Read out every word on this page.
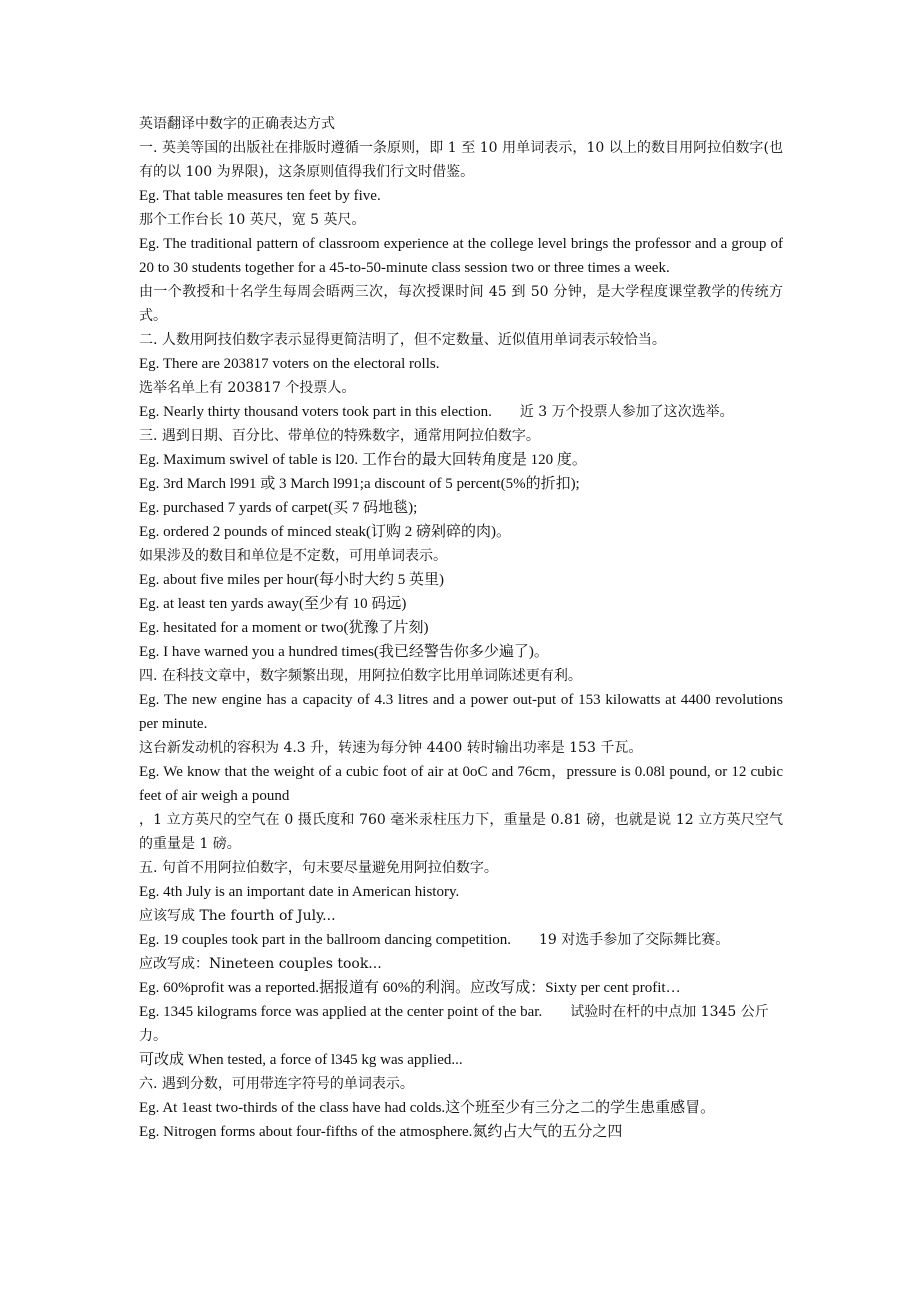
英语翻译中数字的正确表达方式
一. 英美等国的出版社在排版时遵循一条原则，即 1 至 10 用单词表示，10 以上的数目用阿拉伯数字(也有的以 100 为界限)，这条原则值得我们行文时借鉴。
Eg. That table measures ten feet by five.
那个工作台长 10 英尺，宽 5 英尺。
Eg. The traditional pattern of classroom experience at the college level brings the professor and a group of 20 to 30 students together for a 45-to-50-minute class session two or three times a week.
由一个教授和十名学生每周会晤两三次，每次授课时间 45 到 50 分钟，是大学程度课堂教学的传统方式。
二. 人数用阿技伯数字表示显得更简洁明了，但不定数量、近似值用单词表示较恰当。
Eg. There are 203817 voters on the electoral rolls.
选举名单上有 203817 个投票人。
Eg. Nearly thirty thousand voters took part in this election. 近 3 万个投票人参加了这次选举。
三. 遇到日期、百分比、带单位的特殊数字，通常用阿拉伯数字。
Eg. Maximum swivel of table is l20. 工作台的最大回转角度是 120 度。
Eg. 3rd March l991 或 3 March l991;a discount of 5 percent(5%的折扣);
Eg. purchased 7 yards of carpet(买 7 码地毯);
Eg. ordered 2 pounds of minced steak(订购 2 磅剁碎的肉)。
如果涉及的数目和单位是不定数，可用单词表示。
Eg. about five miles per hour(每小时大约 5 英里)
Eg. at least ten yards away(至少有 10 码远)
Eg. hesitated for a moment or two(犹豫了片刻)
Eg. I have warned you a hundred times(我已经警告你多少遍了)。
四. 在科技文章中，数字频繁出现，用阿拉伯数字比用单词陈述更有利。
Eg. The new engine has a capacity of 4.3 litres and a power out-put of 153 kilowatts at 4400 revolutions per minute.
这台新发动机的容积为 4.3 升，转速为每分钟 4400 转时输出功率是 153 千瓦。
Eg. We know that the weight of a cubic foot of air at 0oC and 76cm，pressure is 0.08l pound, or 12 cubic feet of air weigh a pound
，1 立方英尺的空气在 0 摄氏度和 760 毫米汞柱压力下，重量是 0.81 磅，也就是说 12 立方英尺空气的重量是 1 磅。
五. 句首不用阿拉伯数字，句末要尽量避免用阿拉伯数字。
Eg. 4th July is an important date in American history.
应该写成 The fourth of July...
Eg. 19 couples took part in the ballroom dancing competition. 19 对选手参加了交际舞比赛。
应改写成：Nineteen couples took...
Eg. 60%profit was a reported.据报道有 60%的利润。应改写成：Sixty per cent profit…
Eg. 1345 kilograms force was applied at the center point of the bar. 试验时在杆的中点加 1345 公斤力。
可改成 When tested, a force of l345 kg was applied...
六. 遇到分数，可用带连字符号的单词表示。
Eg. At 1east two-thirds of the class have had colds.这个班至少有三分之二的学生患重感冒。
Eg. Nitrogen forms about four-fifths of the atmosphere.氮约占大气的五分之四
